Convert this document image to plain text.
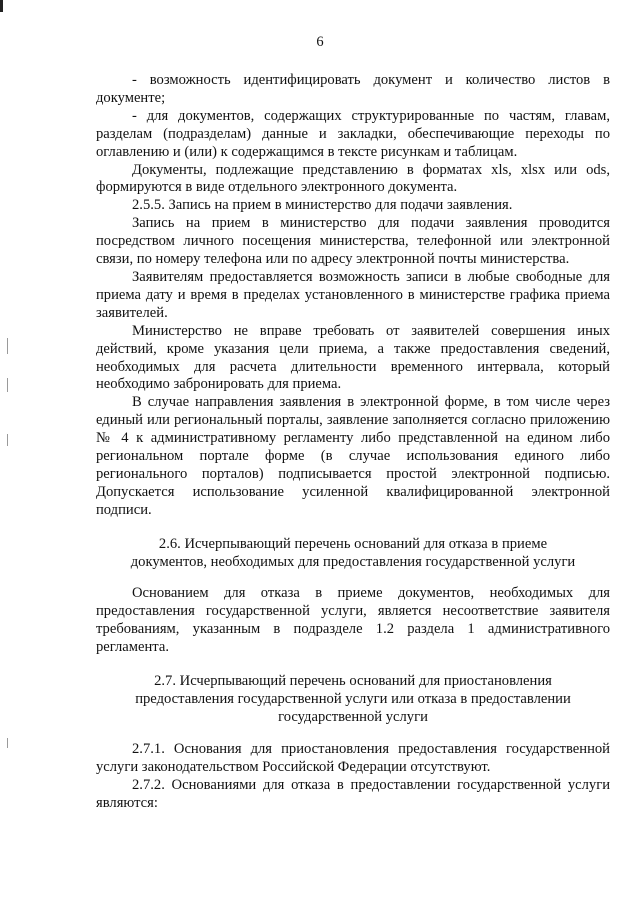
6

- возможность идентифицировать документ и количество листов в документе;

- для документов, содержащих структурированные по частям, главам, разделам (подразделам) данные и закладки, обеспечивающие переходы по оглавлению и (или) к содержащимся в тексте рисункам и таблицам.

Документы, подлежащие представлению в форматах xls, xlsx или ods, формируются в виде отдельного электронного документа.

2.5.5. Запись на прием в министерство для подачи заявления.

Запись на прием в министерство для подачи заявления проводится посредством личного посещения министерства, телефонной или электронной связи, по номеру телефона или по адресу электронной почты министерства.

Заявителям предоставляется возможность записи в любые свободные для приема дату и время в пределах установленного в министерстве графика приема заявителей.

Министерство не вправе требовать от заявителей совершения иных действий, кроме указания цели приема, а также предоставления сведений, необходимых для расчета длительности временного интервала, который необходимо забронировать для приема.

В случае направления заявления в электронной форме, в том числе через единый или региональный порталы, заявление заполняется согласно приложению № 4 к административному регламенту либо представленной на едином либо региональном портале форме (в случае использования единого либо регионального порталов) подписывается простой электронной подписью. Допускается использование усиленной квалифицированной электронной подписи.

2.6. Исчерпывающий перечень оснований для отказа в приеме

документов, необходимых для предоставления государственной услуги

Основанием для отказа в приеме документов, необходимых для предоставления государственной услуги, является несоответствие заявителя требованиям, указанным в подразделе 1.2 раздела 1 административного регламента.

2.7. Исчерпывающий перечень оснований для приостановления

предоставления государственной услуги или отказа в предоставлении

государственной услуги

2.7.1. Основания для приостановления предоставления государственной услуги законодательством Российской Федерации отсутствуют.

2.7.2. Основаниями для отказа в предоставлении государственной услуги являются:
